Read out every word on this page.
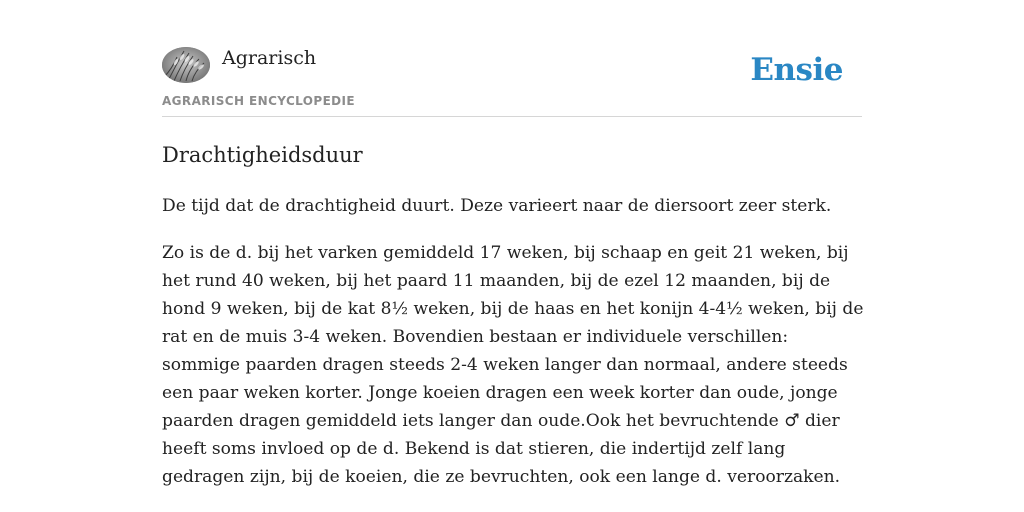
Agrarisch
AGRARISCH ENCYCLOPEDIE
Ensie
Drachtigheidsduur

De tijd dat de drachtigheid duurt. Deze varieert naar de diersoort zeer sterk.

Zo is de d. bij het varken gemiddeld 17 weken, bij schaap en geit 21 weken, bij het rund 40 weken, bij het paard 11 maanden, bij de ezel 12 maanden, bij de hond 9 weken, bij de kat 8½ weken, bij de haas en het konijn 4-4½ weken, bij de rat en de muis 3-4 weken. Bovendien bestaan er individuele verschillen: sommige paarden dragen steeds 2-4 weken langer dan normaal, andere steeds een paar weken korter. Jonge koeien dragen een week korter dan oude, jonge paarden dragen gemiddeld iets langer dan oude.Ook het bevruchtende ♂ dier heeft soms invloed op de d. Bekend is dat stieren, die indertijd zelf lang gedragen zijn, bij de koeien, die ze bevruchten, ook een lange d. veroorzaken.
